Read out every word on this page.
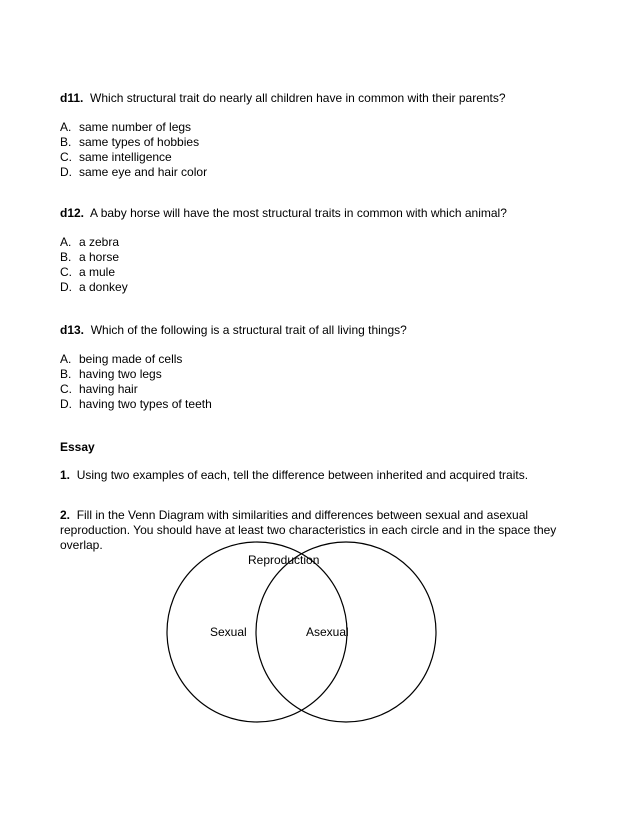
d11. Which structural trait do nearly all children have in common with their parents?

A. same number of legs

B. same types of hobbies

C. same intelligence

D. same eye and hair color

d12. A baby horse will have the most structural traits in common with which animal?

A. a zebra

B. a horse

C. a mule

D. a donkey

d13. Which of the following is a structural trait of all living things?

A. being made of cells

B. having two legs

C. having hair

D. having two types of teeth

Essay

1. Using two examples of each, tell the difference between inherited and acquired traits.

2. Fill in the Venn Diagram with similarities and differences between sexual and asexual reproduction. You should have at least two characteristics in each circle and in the space they overlap.

Reproduction
Sexual	Asexual
